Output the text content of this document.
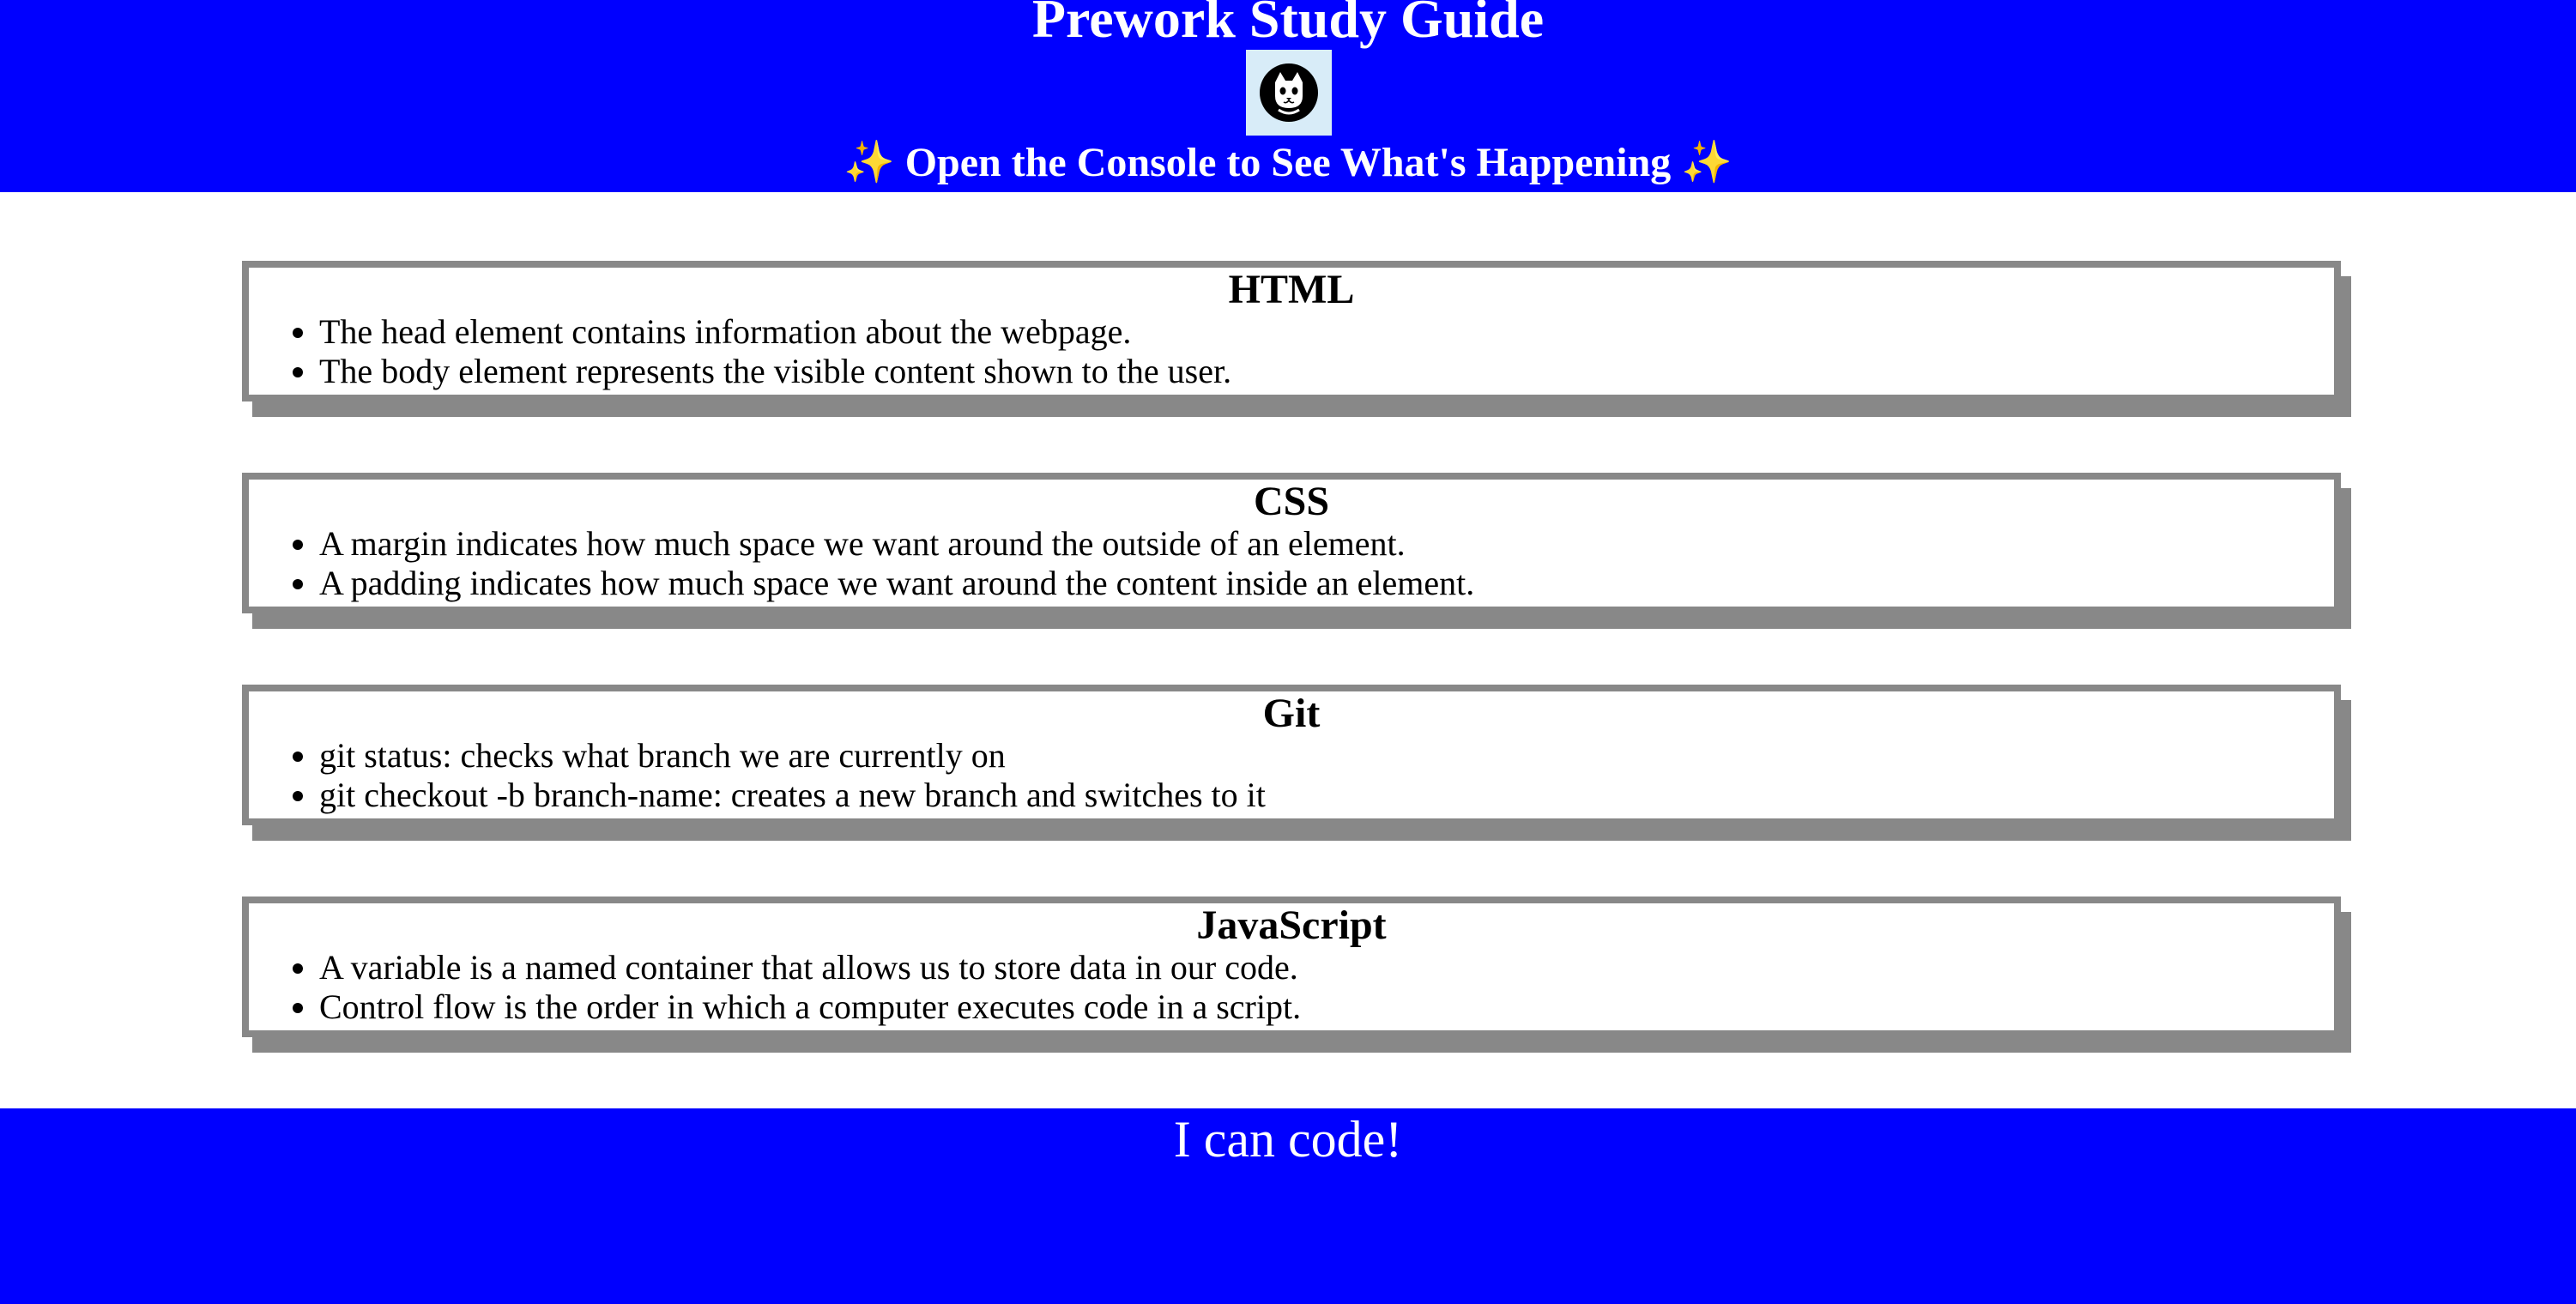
Prework Study Guide
✨ Open the Console to See What's Happening ✨
HTML
• The head element contains information about the webpage.
• The body element represents the visible content shown to the user.
CSS
• A margin indicates how much space we want around the outside of an element.
• A padding indicates how much space we want around the content inside an element.
Git
• git status: checks what branch we are currently on
• git checkout -b branch-name: creates a new branch and switches to it
JavaScript
• A variable is a named container that allows us to store data in our code.
• Control flow is the order in which a computer executes code in a script.
I can code!
